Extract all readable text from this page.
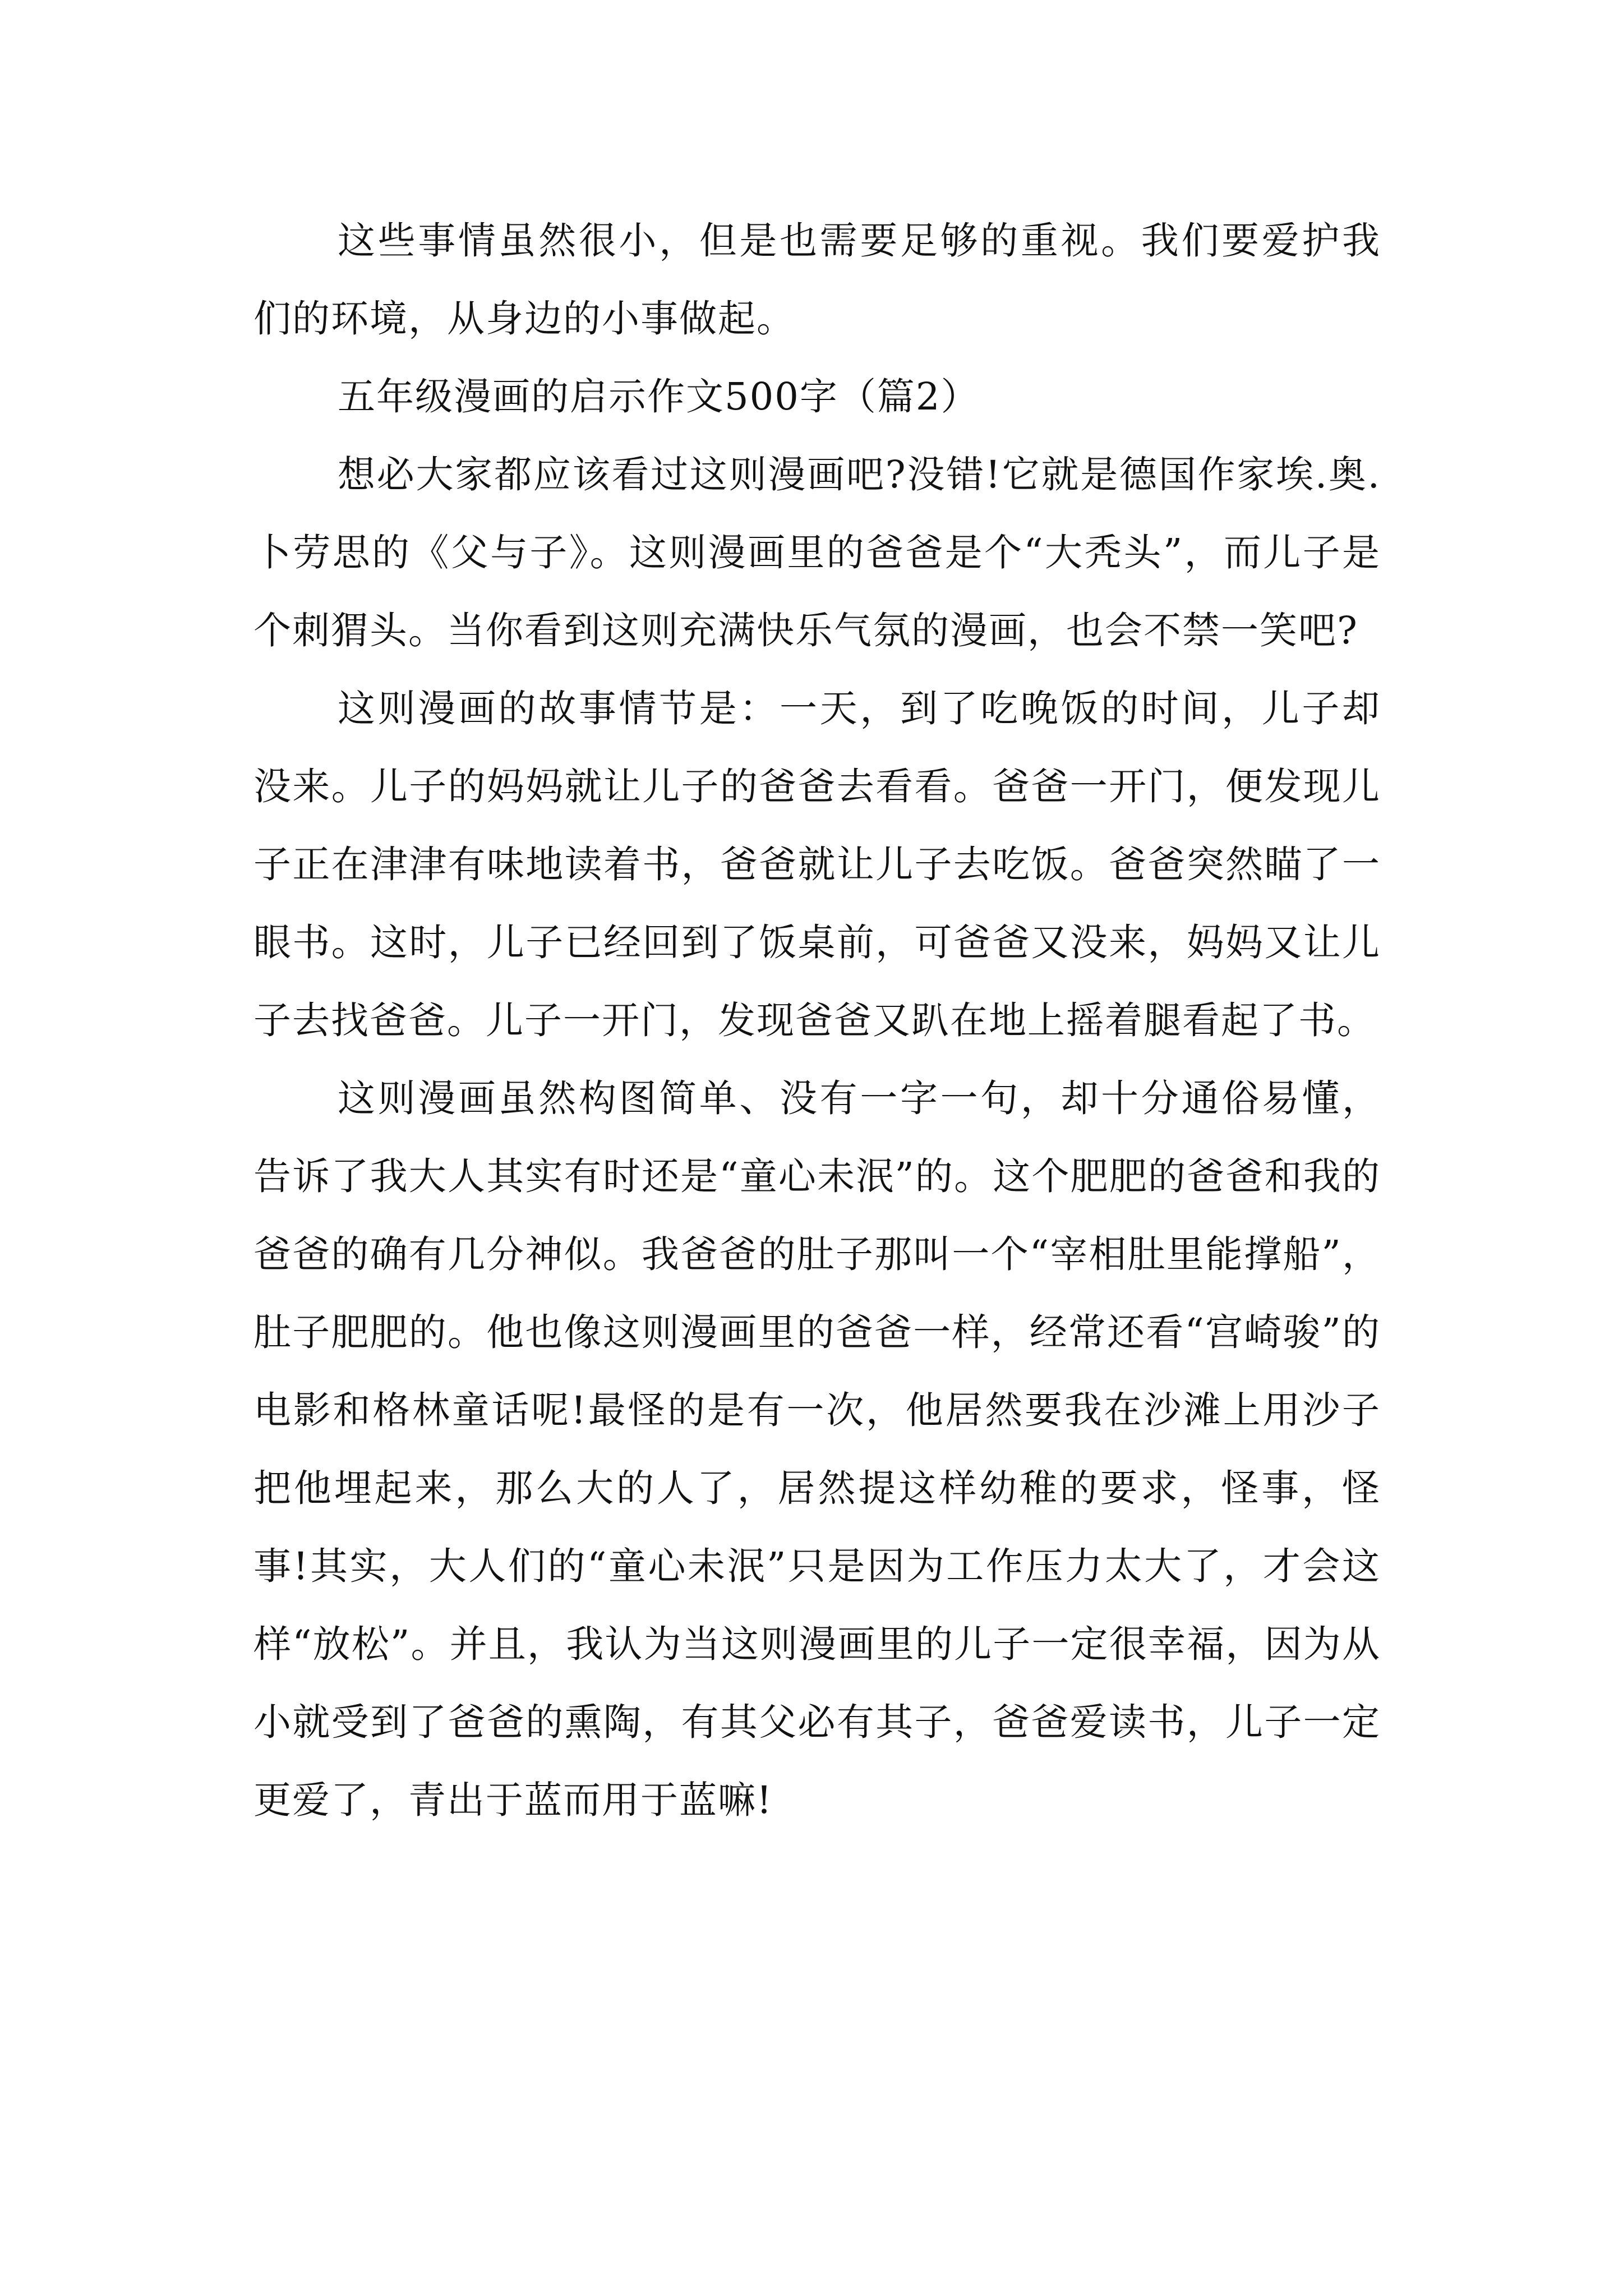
这些事情虽然很小，但是也需要足够的重视。我们要爱护我们的环境，从身边的小事做起。

五年级漫画的启示作文500字（篇2）

想必大家都应该看过这则漫画吧?没错!它就是德国作家埃.奥.卜劳思的《父与子》。这则漫画里的爸爸是个“大秃头”，而儿子是个刺猬头。当你看到这则充满快乐气氛的漫画，也会不禁一笑吧?

这则漫画的故事情节是：一天，到了吃晚饭的时间，儿子却没来。儿子的妈妈就让儿子的爸爸去看看。爸爸一开门，便发现儿子正在津津有味地读着书，爸爸就让儿子去吃饭。爸爸突然瞄了一眼书。这时，儿子已经回到了饭桌前，可爸爸又没来，妈妈又让儿子去找爸爸。儿子一开门，发现爸爸又趴在地上摇着腿看起了书。

这则漫画虽然构图简单、没有一字一句，却十分通俗易懂，告诉了我大人其实有时还是“童心未泯”的。这个肥肥的爸爸和我的爸爸的确有几分神似。我爸爸的肚子那叫一个“宰相肚里能撑船”，肚子肥肥的。他也像这则漫画里的爸爸一样，经常还看“宫崎骏”的电影和格林童话呢!最怪的是有一次，他居然要我在沙滩上用沙子把他埋起来，那么大的人了，居然提这样幼稚的要求，怪事，怪事!其实，大人们的“童心未泯”只是因为工作压力太大了，才会这样“放松”。并且，我认为当这则漫画里的儿子一定很幸福，因为从小就受到了爸爸的熏陶，有其父必有其子，爸爸爱读书，儿子一定更爱了，青出于蓝而用于蓝嘛!
